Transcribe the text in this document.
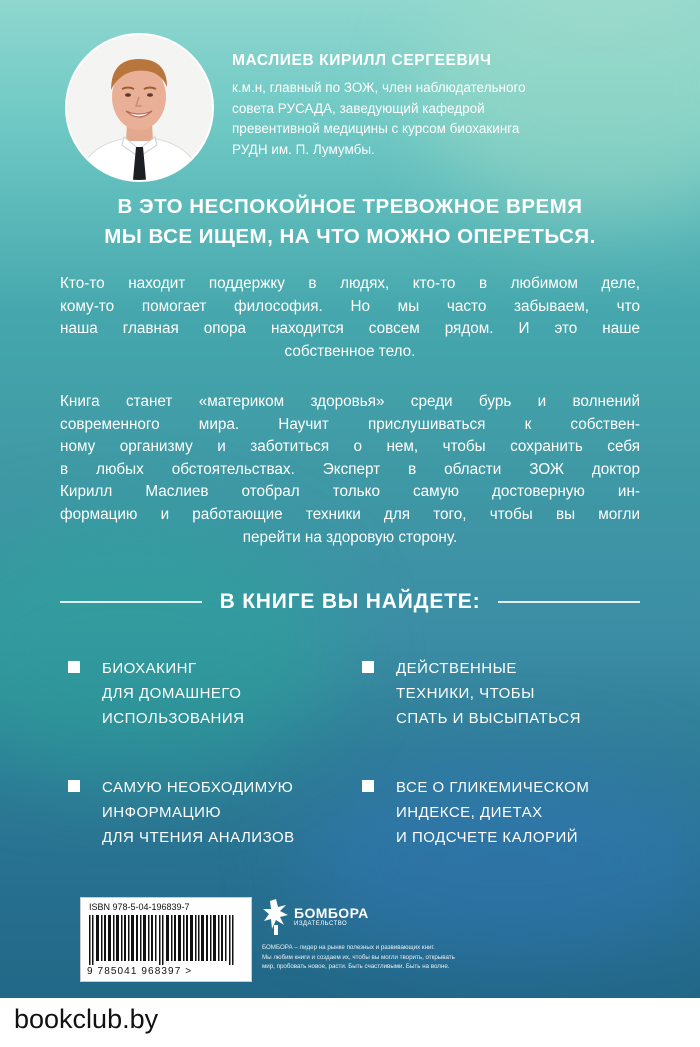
МАСЛИЕВ КИРИЛЛ СЕРГЕЕВИЧ
к.м.н, главный по ЗОЖ, член наблюдательного
совета РУСАДА, заведующий кафедрой
превентивной медицины с курсом биохакинга
РУДН им. П. Лумумбы.
В ЭТО НЕСПОКОЙНОЕ ТРЕВОЖНОЕ ВРЕМЯ
МЫ ВСЕ ИЩЕМ, НА ЧТО МОЖНО ОПЕРЕТЬСЯ.
Кто-то находит поддержку в людях, кто-то в любимом деле,
кому-то помогает философия. Но мы часто забываем, что
наша главная опора находится совсем рядом. И это наше
собственное тело.
Книга станет «материком здоровья» среди бурь и волнений
современного мира. Научит прислушиваться к собствен-
ному организму и заботиться о нем, чтобы сохранить себя
в любых обстоятельствах. Эксперт в области ЗОЖ доктор
Кирилл Маслиев отобрал только самую достоверную ин-
формацию и работающие техники для того, чтобы вы могли
перейти на здоровую сторону.
В КНИГЕ ВЫ НАЙДЕТЕ:
БИОХАКИНГ
ДЛЯ ДОМАШНЕГО
ИСПОЛЬЗОВАНИЯ
ДЕЙСТВЕННЫЕ
ТЕХНИКИ, ЧТОБЫ
СПАТЬ И ВЫСЫПАТЬСЯ
САМУЮ НЕОБХОДИМУЮ
ИНФОРМАЦИЮ
ДЛЯ ЧТЕНИЯ АНАЛИЗОВ
ВСЕ О ГЛИКЕМИЧЕСКОМ
ИНДЕКСЕ, ДИЕТАХ
И ПОДСЧЕТЕ КАЛОРИЙ
ISBN 978-5-04-196839-7
9 785041 968397 >
БОМБОРА
ИЗДАТЕЛЬСТВО
БОМБОРА – лидер на рынке полезных и развивающих книг.
Мы любим книги и создаем их, чтобы вы могли творить, открывать
мир, пробовать новое, расти. Быть счастливыми. Быть на волне.
bookclub.by
